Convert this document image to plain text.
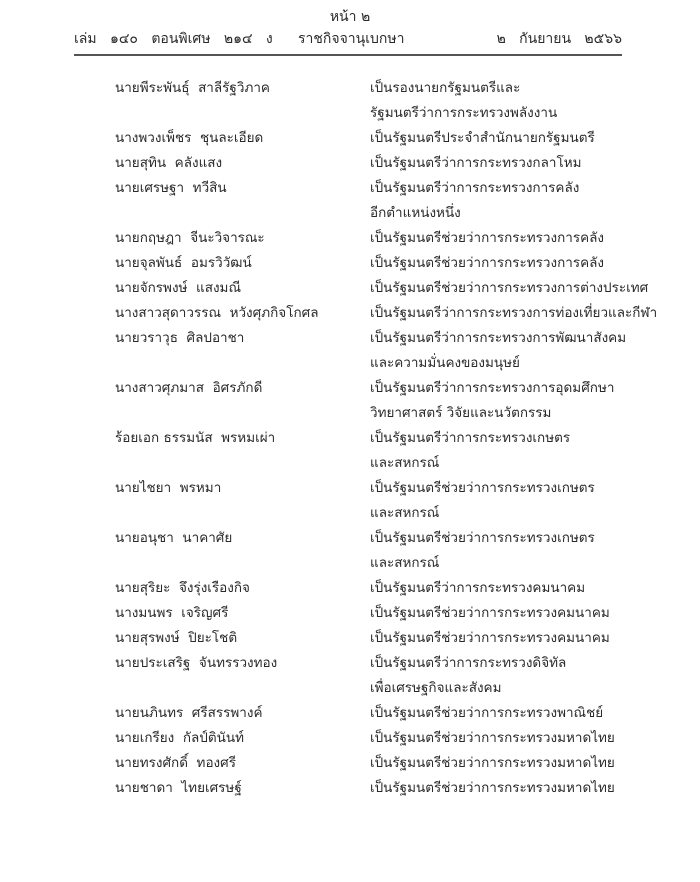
หน้า ๒
เล่ม   ๑๔๐   ตอนพิเศษ   ๒๑๔   ง ราชกิจจานุเบกษา	๒   กันยายน   ๒๕๖๖
นายพีระพันธุ์  สาลีรัฐวิภาค	เป็นรองนายกรัฐมนตรีและ
รัฐมนตรีว่าการกระทรวงพลังงาน
นางพวงเพ็ชร  ชุนละเอียด	เป็นรัฐมนตรีประจำสำนักนายกรัฐมนตรี
นายสุทิน  คลังแสง	เป็นรัฐมนตรีว่าการกระทรวงกลาโหม
นายเศรษฐา  ทวีสิน	เป็นรัฐมนตรีว่าการกระทรวงการคลัง
อีกตำแหน่งหนึ่ง
นายกฤษฎา  จีนะวิจารณะ	เป็นรัฐมนตรีช่วยว่าการกระทรวงการคลัง
นายจุลพันธ์  อมรวิวัฒน์	เป็นรัฐมนตรีช่วยว่าการกระทรวงการคลัง
นายจักรพงษ์  แสงมณี	เป็นรัฐมนตรีช่วยว่าการกระทรวงการต่างประเทศ
นางสาวสุดาวรรณ  หวังศุภกิจโกศล	เป็นรัฐมนตรีว่าการกระทรวงการท่องเที่ยวและกีฬา
นายวราวุธ  ศิลปอาชา	เป็นรัฐมนตรีว่าการกระทรวงการพัฒนาสังคม
และความมั่นคงของมนุษย์
นางสาวศุภมาส  อิศรภักดี	เป็นรัฐมนตรีว่าการกระทรวงการอุดมศึกษา
วิทยาศาสตร์ วิจัยและนวัตกรรม
ร้อยเอก ธรรมนัส  พรหมเผ่า	เป็นรัฐมนตรีว่าการกระทรวงเกษตร
และสหกรณ์
นายไชยา  พรหมา	เป็นรัฐมนตรีช่วยว่าการกระทรวงเกษตร
และสหกรณ์
นายอนุชา  นาคาศัย	เป็นรัฐมนตรีช่วยว่าการกระทรวงเกษตร
และสหกรณ์
นายสุริยะ  จึงรุ่งเรืองกิจ	เป็นรัฐมนตรีว่าการกระทรวงคมนาคม
นางมนพร  เจริญศรี	เป็นรัฐมนตรีช่วยว่าการกระทรวงคมนาคม
นายสุรพงษ์  ปิยะโชติ	เป็นรัฐมนตรีช่วยว่าการกระทรวงคมนาคม
นายประเสริฐ  จันทรรวงทอง	เป็นรัฐมนตรีว่าการกระทรวงดิจิทัล
เพื่อเศรษฐกิจและสังคม
นายนภินทร  ศรีสรรพางค์	เป็นรัฐมนตรีช่วยว่าการกระทรวงพาณิชย์
นายเกรียง  กัลป์ตินันท์	เป็นรัฐมนตรีช่วยว่าการกระทรวงมหาดไทย
นายทรงศักดิ์  ทองศรี	เป็นรัฐมนตรีช่วยว่าการกระทรวงมหาดไทย
นายชาดา  ไทยเศรษฐ์	เป็นรัฐมนตรีช่วยว่าการกระทรวงมหาดไทย
